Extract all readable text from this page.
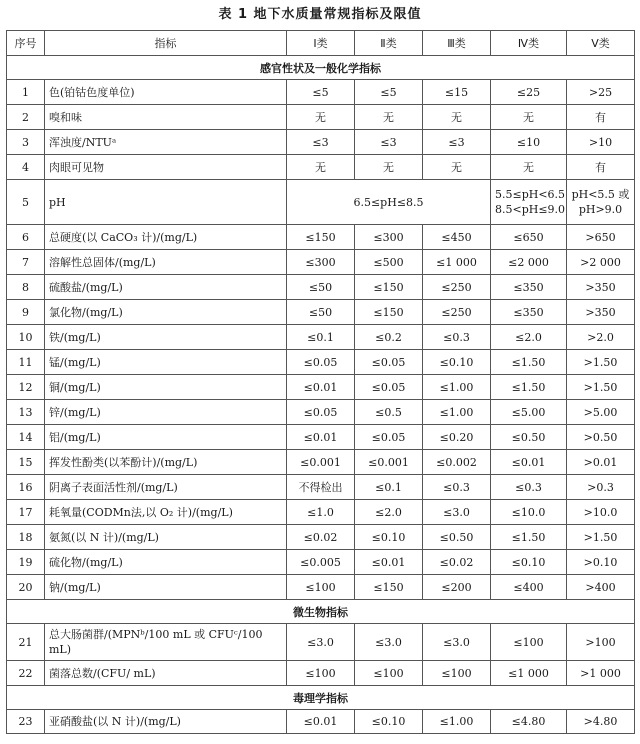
表 1 地下水质量常规指标及限值
序号	指标	Ⅰ类	Ⅱ类	Ⅲ类	Ⅳ类	Ⅴ类
感官性状及一般化学指标						
1	色(铂钴色度单位)	≤5	≤5	≤15	≤25	>25
2	嗅和味	无	无	无	无	有
3	浑浊度/NTUᵃ	≤3	≤3	≤3	≤10	>10
4	肉眼可见物	无	无	无	无	有
5	pH	6.5≤pH≤8.5			5.5≤pH<6.5 8.5<pH≤9.0	pH<5.5 或 pH>9.0
6	总硬度(以 CaCO₃ 计)/(mg/L)	≤150	≤300	≤450	≤650	>650
7	溶解性总固体/(mg/L)	≤300	≤500	≤1 000	≤2 000	>2 000
8	硫酸盐/(mg/L)	≤50	≤150	≤250	≤350	>350
9	氯化物/(mg/L)	≤50	≤150	≤250	≤350	>350
10	铁/(mg/L)	≤0.1	≤0.2	≤0.3	≤2.0	>2.0
11	锰/(mg/L)	≤0.05	≤0.05	≤0.10	≤1.50	>1.50
12	铜/(mg/L)	≤0.01	≤0.05	≤1.00	≤1.50	>1.50
13	锌/(mg/L)	≤0.05	≤0.5	≤1.00	≤5.00	>5.00
14	铝/(mg/L)	≤0.01	≤0.05	≤0.20	≤0.50	>0.50
15	挥发性酚类(以苯酚计)/(mg/L)	≤0.001	≤0.001	≤0.002	≤0.01	>0.01
16	阴离子表面活性剂/(mg/L)	不得检出	≤0.1	≤0.3	≤0.3	>0.3
17	耗氧量(CODMn法,以 O₂ 计)/(mg/L)	≤1.0	≤2.0	≤3.0	≤10.0	>10.0
18	氨氮(以 N 计)/(mg/L)	≤0.02	≤0.10	≤0.50	≤1.50	>1.50
19	硫化物/(mg/L)	≤0.005	≤0.01	≤0.02	≤0.10	>0.10
20	钠/(mg/L)	≤100	≤150	≤200	≤400	>400
微生物指标						
21	总大肠菌群/(MPNᵇ/100 mL 或 CFUᶜ/100 mL)	≤3.0	≤3.0	≤3.0	≤100	>100
22	菌落总数/(CFU/ mL)	≤100	≤100	≤100	≤1 000	>1 000
毒理学指标						
23	亚硝酸盐(以 N 计)/(mg/L)	≤0.01	≤0.10	≤1.00	≤4.80	>4.80
